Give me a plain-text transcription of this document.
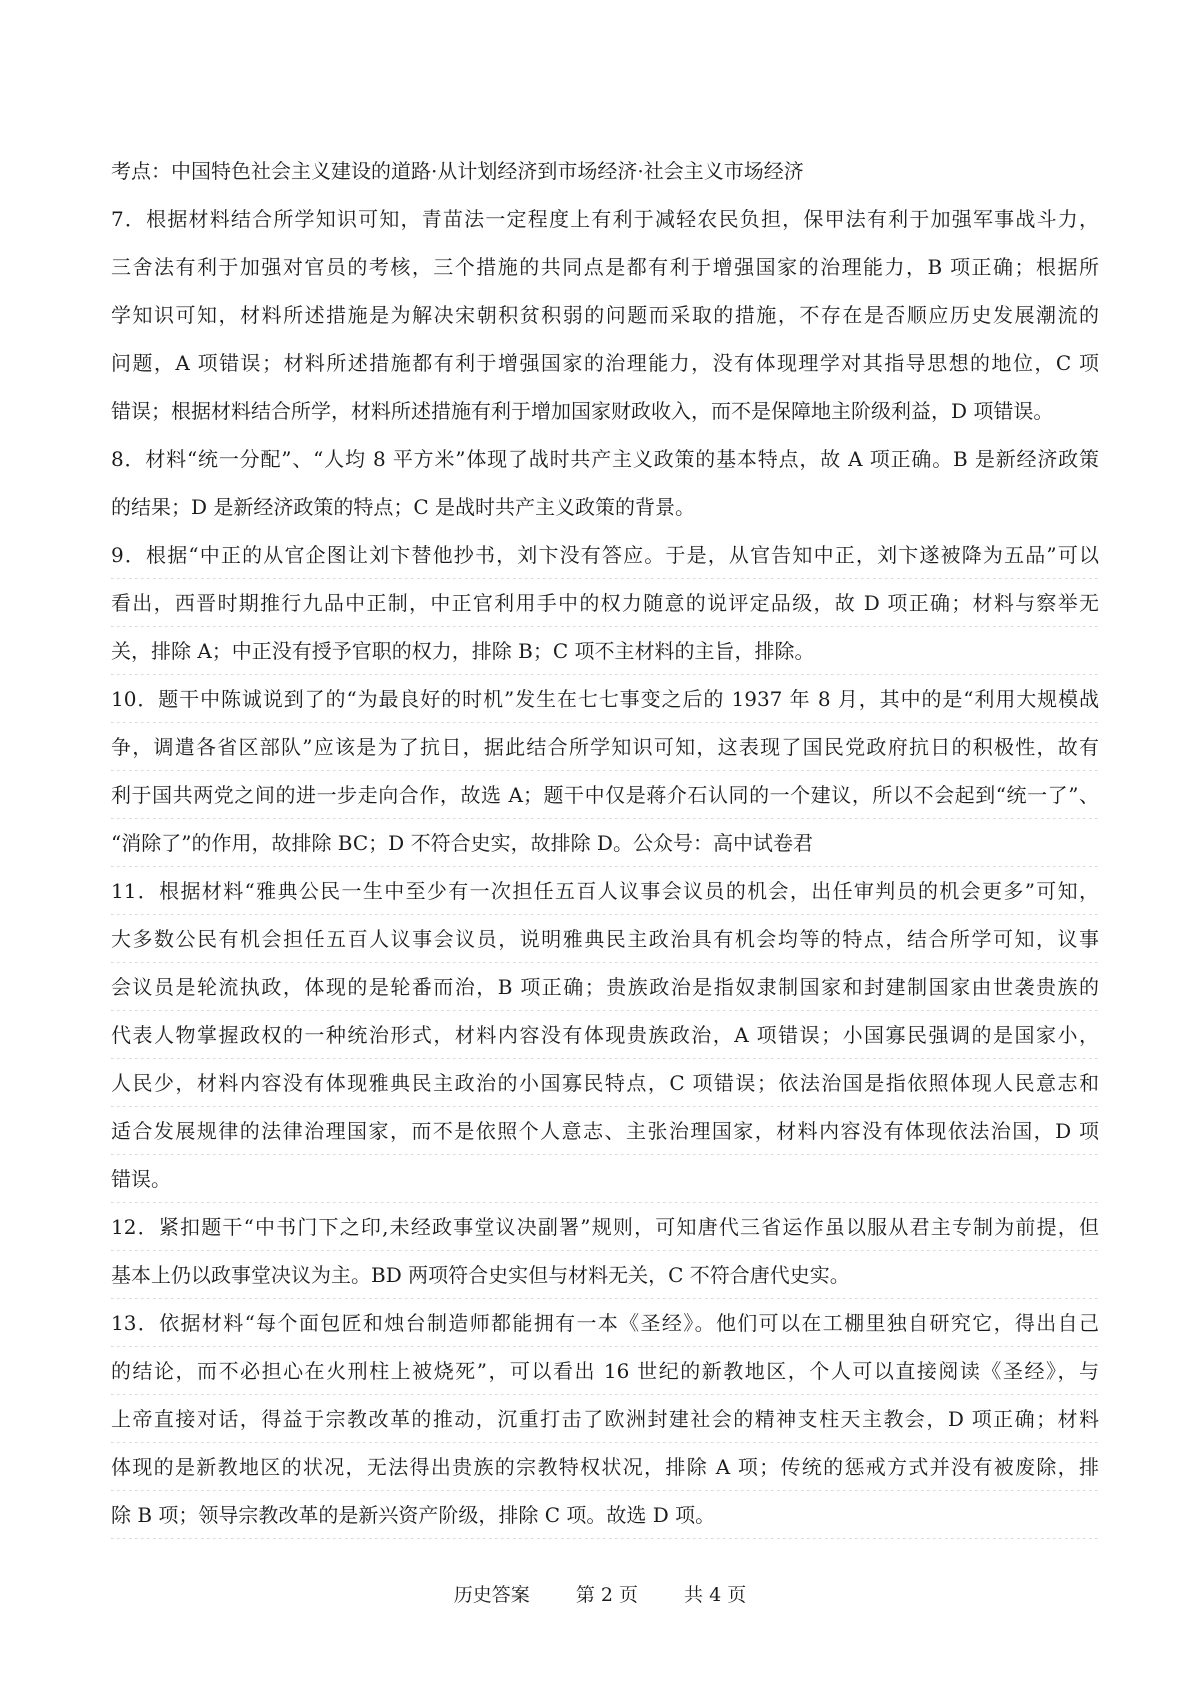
考点：中国特色社会主义建设的道路·从计划经济到市场经济·社会主义市场经济
7．根据材料结合所学知识可知，青苗法一定程度上有利于减轻农民负担，保甲法有利于加强军事战斗力，
三舍法有利于加强对官员的考核，三个措施的共同点是都有利于增强国家的治理能力，B 项正确；根据所
学知识可知，材料所述措施是为解决宋朝积贫积弱的问题而采取的措施，不存在是否顺应历史发展潮流的
问题，A 项错误；材料所述措施都有利于增强国家的治理能力，没有体现理学对其指导思想的地位，C 项
错误；根据材料结合所学，材料所述措施有利于增加国家财政收入，而不是保障地主阶级利益，D 项错误。
8．材料“统一分配”、“人均 8 平方米”体现了战时共产主义政策的基本特点，故 A 项正确。B 是新经济政策
的结果；D 是新经济政策的特点；C 是战时共产主义政策的背景。
9．根据“中正的从官企图让刘卞替他抄书，刘卞没有答应。于是，从官告知中正，刘卞遂被降为五品”可以
看出，西晋时期推行九品中正制，中正官利用手中的权力随意的说评定品级，故 D 项正确；材料与察举无
关，排除 A；中正没有授予官职的权力，排除 B；C 项不主材料的主旨，排除。
10．题干中陈诚说到了的“为最良好的时机”发生在七七事变之后的 1937 年 8 月，其中的是“利用大规模战
争，调遣各省区部队”应该是为了抗日，据此结合所学知识可知，这表现了国民党政府抗日的积极性，故有
利于国共两党之间的进一步走向合作，故选 A；题干中仅是蒋介石认同的一个建议，所以不会起到“统一了”、
“消除了”的作用，故排除 BC；D 不符合史实，故排除 D。公众号：高中试卷君
11．根据材料“雅典公民一生中至少有一次担任五百人议事会议员的机会，出任审判员的机会更多”可知，
大多数公民有机会担任五百人议事会议员，说明雅典民主政治具有机会均等的特点，结合所学可知，议事
会议员是轮流执政，体现的是轮番而治，B 项正确；贵族政治是指奴隶制国家和封建制国家由世袭贵族的
代表人物掌握政权的一种统治形式，材料内容没有体现贵族政治，A 项错误；小国寡民强调的是国家小，
人民少，材料内容没有体现雅典民主政治的小国寡民特点，C 项错误；依法治国是指依照体现人民意志和
适合发展规律的法律治理国家，而不是依照个人意志、主张治理国家，材料内容没有体现依法治国，D 项
错误。
12．紧扣题干“中书门下之印,未经政事堂议决副署”规则，可知唐代三省运作虽以服从君主专制为前提，但
基本上仍以政事堂决议为主。BD 两项符合史实但与材料无关，C 不符合唐代史实。
13．依据材料“每个面包匠和烛台制造师都能拥有一本《圣经》。他们可以在工棚里独自研究它，得出自己
的结论，而不必担心在火刑柱上被烧死”，可以看出 16 世纪的新教地区，个人可以直接阅读《圣经》，与
上帝直接对话，得益于宗教改革的推动，沉重打击了欧洲封建社会的精神支柱天主教会，D 项正确；材料
体现的是新教地区的状况，无法得出贵族的宗教特权状况，排除 A 项；传统的惩戒方式并没有被废除，排
除 B 项；领导宗教改革的是新兴资产阶级，排除 C 项。故选 D 项。
历史答案 第 2 页 共 4 页
